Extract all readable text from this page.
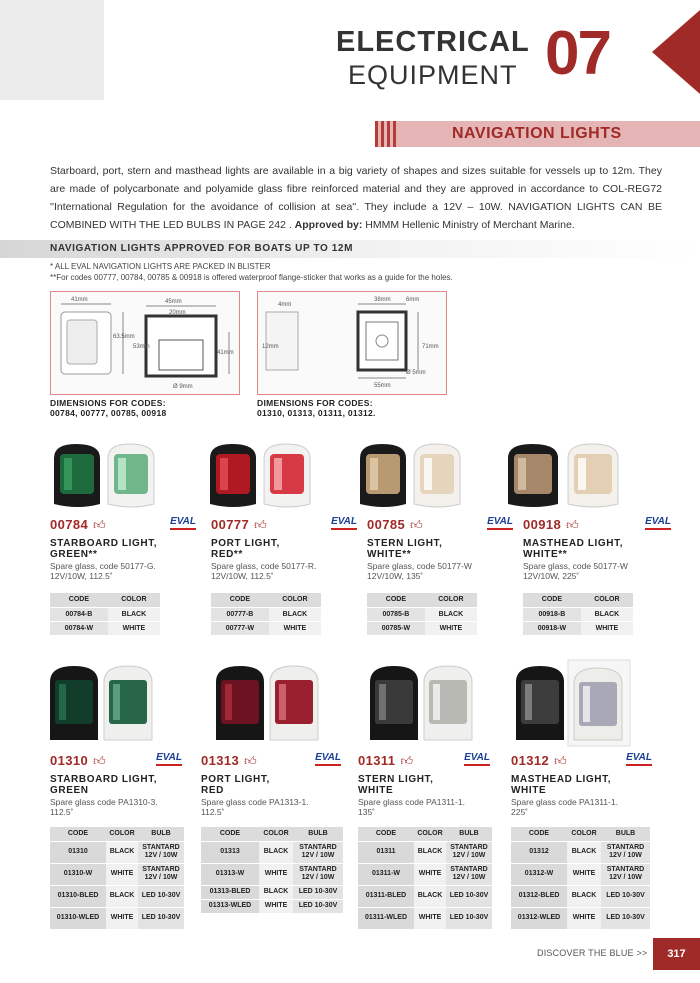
ELECTRICAL
EQUIPMENT 07
NAVIGATION LIGHTS
Starboard, port, stern and masthead lights are available in a big variety of shapes and sizes suitable for vessels up to 12m. They are made of polycarbonate and polyamide glass fibre reinforced material and they are approved in accordance to COL-REG72 ''International Regulation for the avoidance of collision at sea''. They include a 12V – 10W. NAVIGATION LIGHTS CAN BE COMBINED WITH THE LED BULBS IN PAGE 242 . Approved by: HMMM Hellenic Ministry of Merchant Marine.
NAVIGATION LIGHTS APPROVED FOR BOATS UP TO 12M
* ALL EVAL NAVIGATION LIGHTS ARE PACKED IN BLISTER
**For codes 00777, 00784, 00785 & 00918 is offered waterproof flange-sticker that works as a guide for the holes.
41mm	45mm
20mm
53mm
41mm
63.5mm
Ø 9mm
4mm
38mm	6mm
12mm	71mm
55mm
Ø 5mm
DIMENSIONS FOR CODES:
00784, 00777, 00785, 00918
DIMENSIONS FOR CODES:
01310, 01313, 01311, 01312.
00784 👍︎	EVAL
STARBOARD LIGHT,
GREEN**
Spare glass, code 50177-G.
12V/10W, 112.5˚
00777 👍︎	EVAL
PORT LIGHT,
RED**
Spare glass, code 50177-R.
12V/10W, 112.5˚
00785 👍︎	EVAL
STERN LIGHT,
WHITE**
Spare glass, code 50177-W
12V/10W, 135˚
00918 👍︎	EVAL
MASTHEAD LIGHT,
WHITE**
Spare glass, code 50177-W
12V/10W, 225˚
CODE	COLOR
00784-B	BLACK
00784-W	WHITE
CODE	COLOR
00777-B	BLACK
00777-W	WHITE
CODE	COLOR
00785-B	BLACK
00785-W	WHITE
CODE	COLOR
00918-B	BLACK
00918-W	WHITE
01310 👍︎	EVAL
STARBOARD LIGHT,
GREEN
Spare glass code PA1310-3.
112.5˚
01313 👍︎	EVAL
PORT LIGHT,
RED
Spare glass code PA1313-1.
112.5˚
01311 👍︎	EVAL
STERN LIGHT,
WHITE
Spare glass code PA1311-1.
135˚
01312 👍︎	EVAL
MASTHEAD LIGHT,
WHITE
Spare glass code PA1311-1.
225˚
CODE	COLOR	BULB
01310	BLACK	STANTARD 12V / 10W
01310-W	WHITE	STANTARD 12V / 10W
01310-BLED	BLACK	LED 10-30V
01310-WLED	WHITE	LED 10-30V
CODE	COLOR	BULB
01313	BLACK	STANTARD 12V / 10W
01313-W	WHITE	STANTARD 12V / 10W
01313-BLED	BLACK	LED 10-30V
01313-WLED	WHITE	LED 10-30V
CODE	COLOR	BULB
01311	BLACK	STANTARD 12V / 10W
01311-W	WHITE	STANTARD 12V / 10W
01311-BLED	BLACK	LED 10-30V
01311-WLED	WHITE	LED 10-30V
CODE	COLOR	BULB
01312	BLACK	STANTARD 12V / 10W
01312-W	WHITE	STANTARD 12V / 10W
01312-BLED	BLACK	LED 10-30V
01312-WLED	WHITE	LED 10-30V
DISCOVER THE BLUE >>	317
